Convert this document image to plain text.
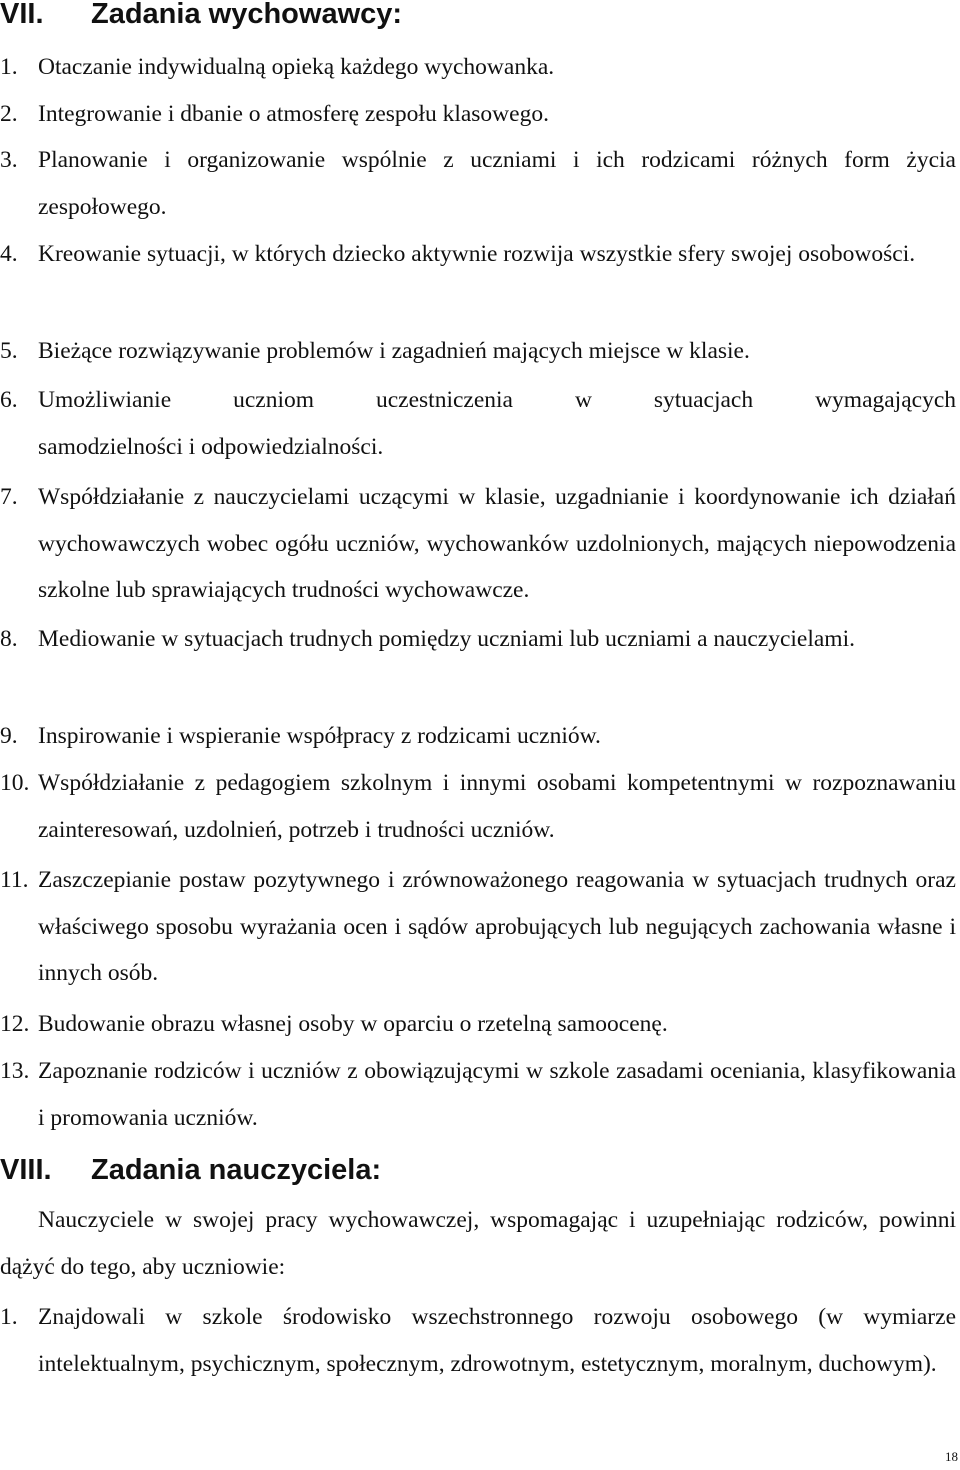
VII. Zadania wychowawcy:
1. Otaczanie indywidualną opieką każdego wychowanka.
2. Integrowanie i dbanie o atmosferę zespołu klasowego.
3. Planowanie i organizowanie wspólnie z uczniami i ich rodzicami różnych form życia zespołowego.
4. Kreowanie sytuacji, w których dziecko aktywnie rozwija wszystkie sfery swojej osobowości.
5. Bieżące rozwiązywanie problemów i zagadnień mających miejsce w klasie.
6. Umożliwianie uczniom uczestniczenia w sytuacjach wymagających
samodzielności i odpowiedzialności.
7. Współdziałanie z nauczycielami uczącymi w klasie, uzgadnianie i koordynowanie ich działań wychowawczych wobec ogółu uczniów, wychowanków uzdolnionych, mających niepowodzenia szkolne lub sprawiających trudności wychowawcze.
8. Mediowanie w sytuacjach trudnych pomiędzy uczniami lub uczniami a nauczycielami.
9. Inspirowanie i wspieranie współpracy z rodzicami uczniów.
10. Współdziałanie z pedagogiem szkolnym i innymi osobami kompetentnymi w rozpoznawaniu zainteresowań, uzdolnień, potrzeb i trudności uczniów.
11. Zaszczepianie postaw pozytywnego i zrównoważonego reagowania w sytuacjach trudnych oraz właściwego sposobu wyrażania ocen i sądów aprobujących lub negujących zachowania własne i innych osób.
12. Budowanie obrazu własnej osoby w oparciu o rzetelną samoocenę.
13. Zapoznanie rodziców i uczniów z obowiązującymi w szkole zasadami oceniania, klasyfikowania i promowania uczniów.
VIII. Zadania nauczyciela:
Nauczyciele w swojej pracy wychowawczej, wspomagając i uzupełniając rodziców, powinni dążyć do tego, aby uczniowie:
1. Znajdowali w szkole środowisko wszechstronnego rozwoju osobowego (w wymiarze intelektualnym, psychicznym, społecznym, zdrowotnym, estetycznym, moralnym, duchowym).
18
